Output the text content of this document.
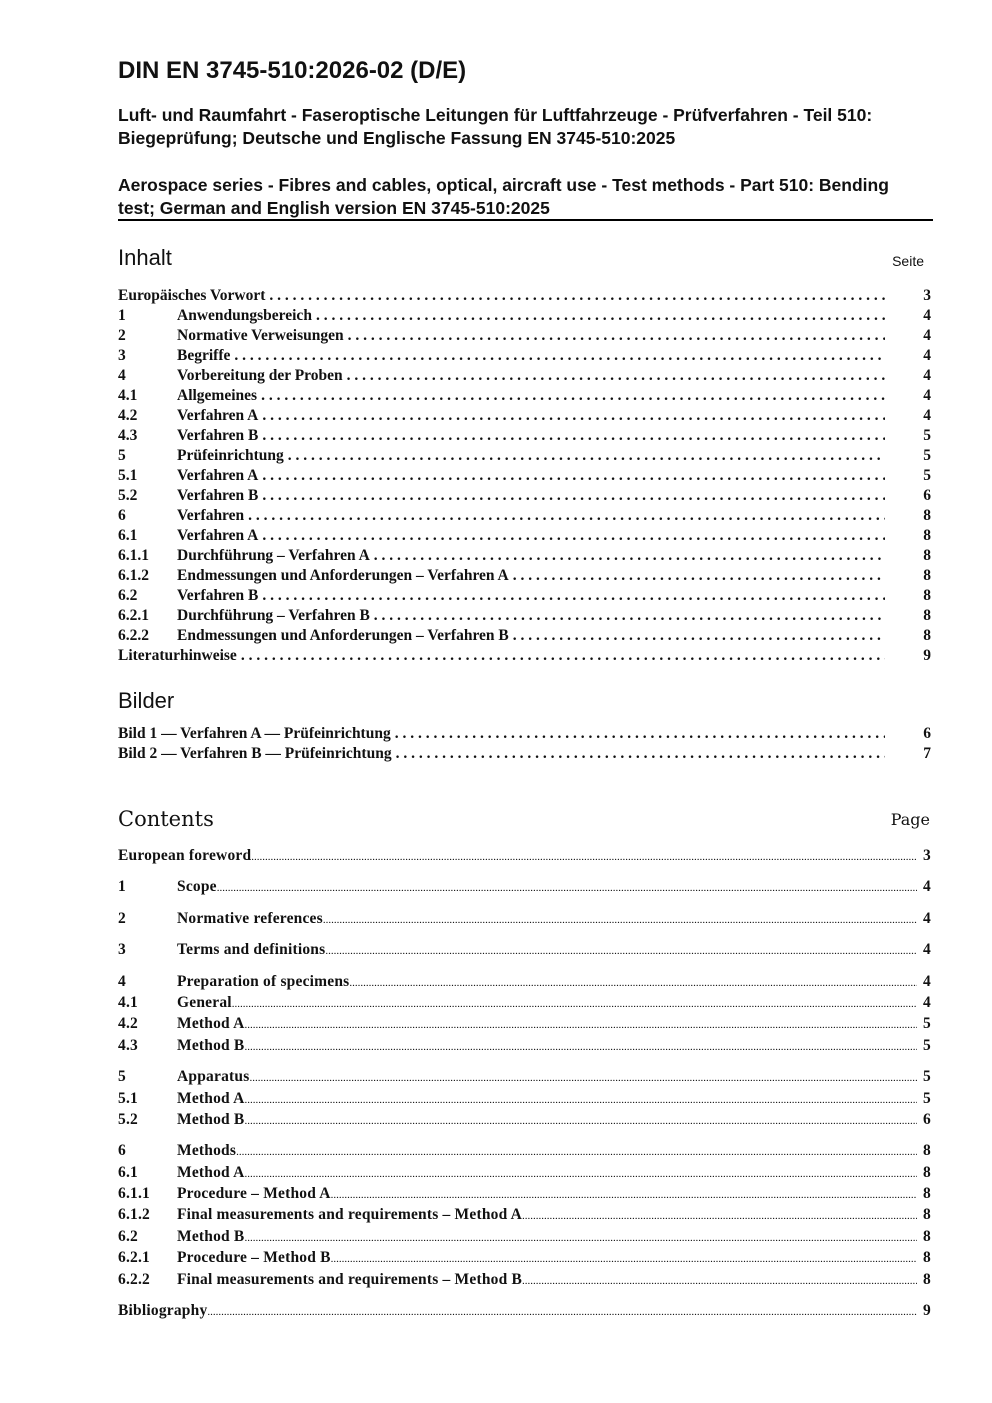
DIN EN 3745-510:2026-02 (D/E)
Luft- und Raumfahrt - Faseroptische Leitungen für Luftfahrzeuge - Prüfverfahren - Teil 510: Biegeprüfung; Deutsche und Englische Fassung EN 3745-510:2025
Aerospace series - Fibres and cables, optical, aircraft use - Test methods - Part 510: Bending test; German and English version EN 3745-510:2025
Inhalt	Seite
Europäisches Vorwort . . .	3
1	Anwendungsbereich . . .	4
2	Normative Verweisungen . . .	4
3	Begriffe . . .	4
4	Vorbereitung der Proben . . .	4
4.1	Allgemeines . . .	4
4.2	Verfahren A . . .	4
4.3	Verfahren B . . .	5
5	Prüfeinrichtung . . .	5
5.1	Verfahren A . . .	5
5.2	Verfahren B . . .	6
6	Verfahren . . .	8
6.1	Verfahren A . . .	8
6.1.1 Durchführung – Verfahren A . . .	8
6.1.2 Endmessungen und Anforderungen – Verfahren A . . .	8
6.2	Verfahren B . . .	8
6.2.1 Durchführung – Verfahren B . . .	8
6.2.2 Endmessungen und Anforderungen – Verfahren B . . .	8
Literaturhinweise . . .	9
Bilder
Bild 1 — Verfahren A — Prüfeinrichtung . . .	6
Bild 2 — Verfahren B — Prüfeinrichtung . . .	7
Contents	Page
European foreword .....	3
1	Scope .....	4
2	Normative references .....	4
3	Terms and definitions .....	4
4	Preparation of specimens .....	4
4.1	General .....	4
4.2	Method A .....	5
4.3	Method B .....	5
5	Apparatus .....	5
5.1	Method A .....	5
5.2	Method B .....	6
6	Methods .....	8
6.1	Method A .....	8
6.1.1 Procedure – Method A .....	8
6.1.2 Final measurements and requirements – Method A .....	8
6.2	Method B .....	8
6.2.1 Procedure – Method B .....	8
6.2.2 Final measurements and requirements – Method B .....	8
Bibliography .....	9
